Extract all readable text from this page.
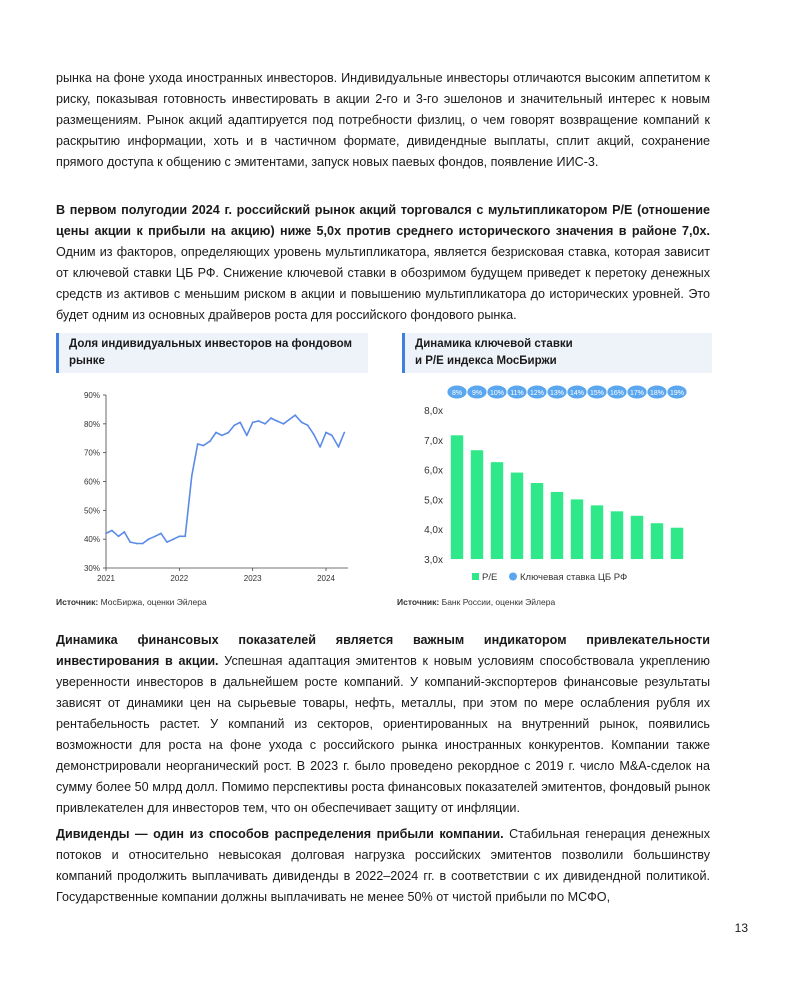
рынка на фоне ухода иностранных инвесторов. Индивидуальные инвесторы отличаются высоким аппетитом к риску, показывая готовность инвестировать в акции 2-го и 3-го эшелонов и значительный интерес к новым размещениям. Рынок акций адаптируется под потребности физлиц, о чем говорят возвращение компаний к раскрытию информации, хоть и в частичном формате, дивидендные выплаты, сплит акций, сохранение прямого доступа к общению с эмитентами, запуск новых паевых фондов, появление ИИС-3.

В первом полугодии 2024 г. российский рынок акций торговался с мультипликатором P/E (отношение цены акции к прибыли на акцию) ниже 5,0x против среднего исторического значения в районе 7,0x. Одним из факторов, определяющих уровень мультипликатора, является безрисковая ставка, которая зависит от ключевой ставки ЦБ РФ. Снижение ключевой ставки в обозримом будущем приведет к перетоку денежных средств из активов с меньшим риском в акции и повышению мультипликатора до исторических уровней. Это будет одним из основных драйверов роста для российского фондового рынка.

Доля индивидуальных инвесторов на фондовом рынке
Динамика ключевой ставки
и P/E индекса МосБиржи
90%
80%
70%
60%
50%
40%
30%
2021	2022	2023	2024
8,0x
7,0x
6,0x
5,0x
4,0x
3,0x
8% 9% 10% 11% 12% 13% 14% 15% 16% 17% 18% 19%
P/E Ключевая ставка ЦБ РФ
Источник: МосБиржа, оценки Эйлера	Источник: Банк России, оценки Эйлера

Динамика финансовых показателей является важным индикатором привлекательности инвестирования в акции. Успешная адаптация эмитентов к новым условиям способствовала укреплению уверенности инвесторов в дальнейшем росте компаний. У компаний-экспортеров финансовые результаты зависят от динамики цен на сырьевые товары, нефть, металлы, при этом по мере ослабления рубля их рентабельность растет. У компаний из секторов, ориентированных на внутренний рынок, появились возможности для роста на фоне ухода с российского рынка иностранных конкурентов. Компании также демонстрировали неорганический рост. В 2023 г. было проведено рекордное с 2019 г. число M&A-сделок на сумму более 50 млрд долл. Помимо перспективы роста финансовых показателей эмитентов, фондовый рынок привлекателен для инвесторов тем, что он обеспечивает защиту от инфляции.

Дивиденды — один из способов распределения прибыли компании. Стабильная генерация денежных потоков и относительно невысокая долговая нагрузка российских эмитентов позволили большинству компаний продолжить выплачивать дивиденды в 2022–2024 гг. в соответствии с их дивидендной политикой. Государственные компании должны выплачивать не менее 50% от чистой прибыли по МСФО,

13
